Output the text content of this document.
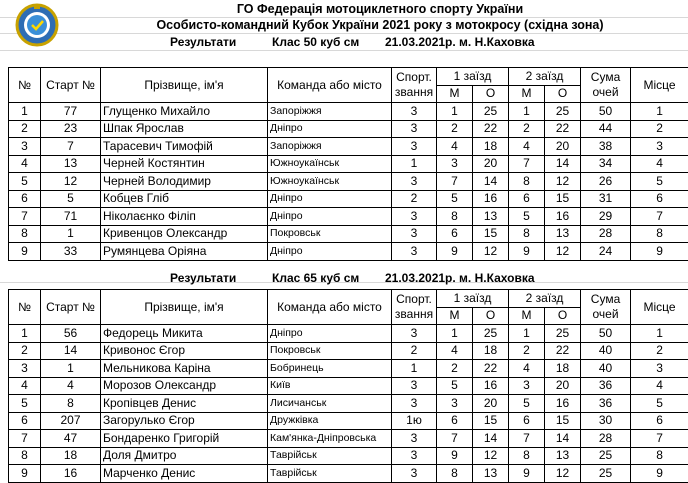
ГО Федерація мотоциклетного спорту України
Особисто-командний Кубок України 2021 року з мотокросу (східна зона)
Результати	Клас 50 куб см 21.03.2021р. м. Н.Каховка
№	Старт №	Прізвище, ім'я	Команда або місто	Спорт.
звання	1 заїзд		2 заїзд		Сума
очей	Місце
					М	О	М	О		
1	77	Глущенко Михайло	Запоріжжя	3	1	25	1	25	50	1
2	23	Шпак Ярослав	Дніпро	3	2	22	2	22	44	2
3	7	Тарасевич Тимофій	Запоріжжя	3	4	18	4	20	38	3
4	13	Черней Костянтин	Южноукаїнськ	1	3	20	7	14	34	4
5	12	Черней Володимир	Южноукаїнськ	3	7	14	8	12	26	5
6	5	Кобцев Гліб	Дніпро	2	5	16	6	15	31	6
7	71	Ніколаєнко Філіп	Дніпро	3	8	13	5	16	29	7
8	1	Кривенцов Олександр	Покровськ	3	6	15	8	13	28	8
9	33	Румянцева Оріяна	Дніпро	3	9	12	9	12	24	9
Результати	Клас 65 куб см 21.03.2021р. м. Н.Каховка
№	Старт №	Прізвище, ім'я	Команда або місто	Спорт.
звання	1 заїзд		2 заїзд		Сума
очей	Місце
					М	О	М	О		
1	56	Федорець Микита	Дніпро	3	1	25	1	25	50	1
2	14	Кривонос Єгор	Покровськ	2	4	18	2	22	40	2
3	1	Мельникова Каріна	Бобринець	1	2	22	4	18	40	3
4	4	Морозов Олександр	Київ	3	5	16	3	20	36	4
5	8	Кропівцев Денис	Лисичанськ	3	3	20	5	16	36	5
6	207	Загорулько Єгор	Дружківка	1ю	6	15	6	15	30	6
7	47	Бондаренко Григорій	Кам'янка-Дніпровська	3	7	14	7	14	28	7
8	18	Доля Дмитро	Таврійськ	3	9	12	8	13	25	8
9	16	Марченко Денис	Таврійськ	3	8	13	9	12	25	9
